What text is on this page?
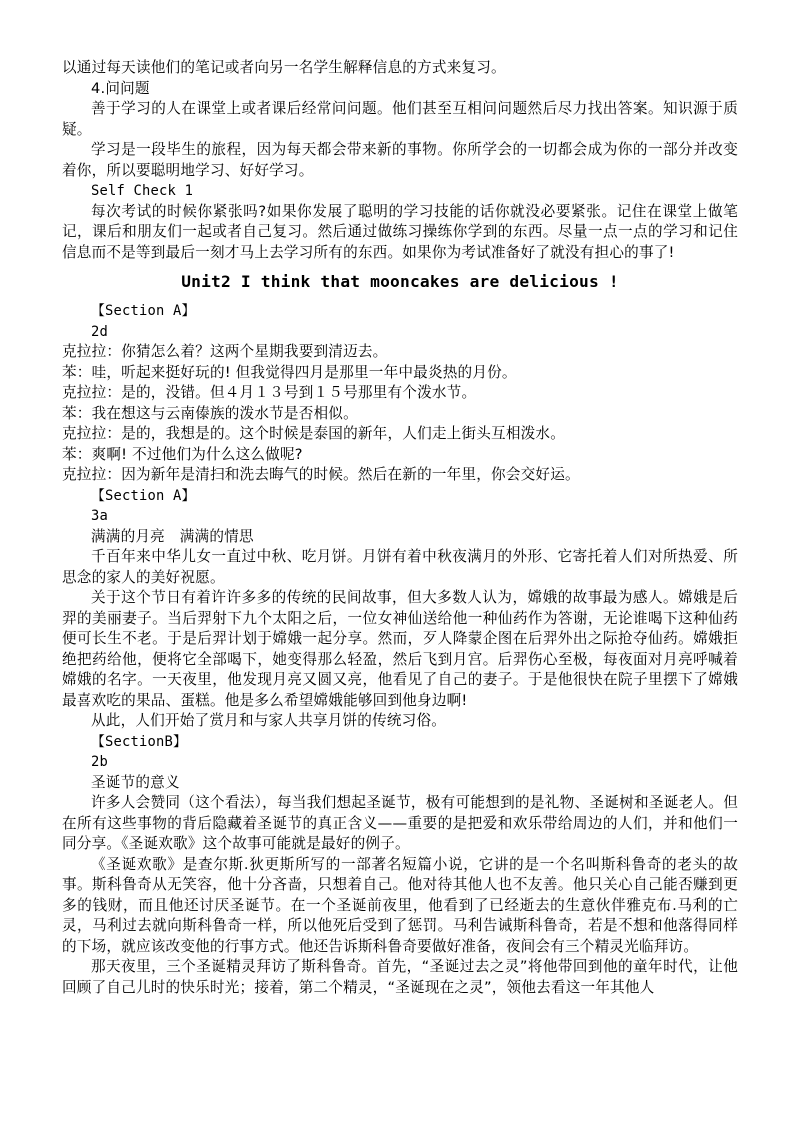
以通过每天读他们的笔记或者向另一名学生解释信息的方式来复习。

4.问问题

善于学习的人在课堂上或者课后经常问问题。他们甚至互相问问题然后尽力找出答案。知识源于质疑。

学习是一段毕生的旅程，因为每天都会带来新的事物。你所学会的一切都会成为你的一部分并改变着你，所以要聪明地学习、好好学习。

Self Check 1

每次考试的时候你紧张吗?如果你发展了聪明的学习技能的话你就没必要紧张。记住在课堂上做笔记，课后和朋友们一起或者自己复习。然后通过做练习操练你学到的东西。尽量一点一点的学习和记住信息而不是等到最后一刻才马上去学习所有的东西。如果你为考试准备好了就没有担心的事了!

Unit2 I think that mooncakes are delicious !

【Section A】

2d

克拉拉：你猜怎么着？这两个星期我要到清迈去。

苯：哇，听起来挺好玩的! 但我觉得四月是那里一年中最炎热的月份。

克拉拉：是的，没错。但４月１３号到１５号那里有个泼水节。

苯：我在想这与云南傣族的泼水节是否相似。

克拉拉：是的，我想是的。这个时候是泰国的新年，人们走上街头互相泼水。

苯：爽啊! 不过他们为什么这么做呢?

克拉拉：因为新年是清扫和洗去晦气的时候。然后在新的一年里，你会交好运。

【Section A】

3a

满满的月亮　满满的情思

千百年来中华儿女一直过中秋、吃月饼。月饼有着中秋夜满月的外形、它寄托着人们对所热爱、所思念的家人的美好祝愿。

关于这个节日有着许许多多的传统的民间故事，但大多数人认为，嫦娥的故事最为感人。嫦娥是后羿的美丽妻子。当后羿射下九个太阳之后，一位女神仙送给他一种仙药作为答谢，无论谁喝下这种仙药便可长生不老。于是后羿计划于嫦娥一起分享。然而，歹人降蒙企图在后羿外出之际抢夺仙药。嫦娥拒绝把药给他，便将它全部喝下，她变得那么轻盈，然后飞到月宫。后羿伤心至极，每夜面对月亮呼喊着嫦娥的名字。一天夜里，他发现月亮又圆又亮，他看见了自己的妻子。于是他很快在院子里摆下了嫦娥最喜欢吃的果品、蛋糕。他是多么希望嫦娥能够回到他身边啊!

从此，人们开始了赏月和与家人共享月饼的传统习俗。

【SectionB】

2b

圣诞节的意义

许多人会赞同（这个看法），每当我们想起圣诞节，极有可能想到的是礼物、圣诞树和圣诞老人。但在所有这些事物的背后隐藏着圣诞节的真正含义——重要的是把爱和欢乐带给周边的人们，并和他们一同分享。《圣诞欢歌》这个故事可能就是最好的例子。

《圣诞欢歌》是查尔斯.狄更斯所写的一部著名短篇小说，它讲的是一个名叫斯科鲁奇的老头的故事。斯科鲁奇从无笑容，他十分吝啬，只想着自己。他对待其他人也不友善。他只关心自己能否赚到更多的钱财，而且他还讨厌圣诞节。在一个圣诞前夜里，他看到了已经逝去的生意伙伴雅克布.马利的亡灵，马利过去就向斯科鲁奇一样，所以他死后受到了惩罚。马利告诫斯科鲁奇，若是不想和他落得同样的下场，就应该改变他的行事方式。他还告诉斯科鲁奇要做好准备，夜间会有三个精灵光临拜访。

那天夜里，三个圣诞精灵拜访了斯科鲁奇。首先，“圣诞过去之灵”将他带回到他的童年时代，让他回顾了自己儿时的快乐时光；接着，第二个精灵，“圣诞现在之灵”，领他去看这一年其他人
